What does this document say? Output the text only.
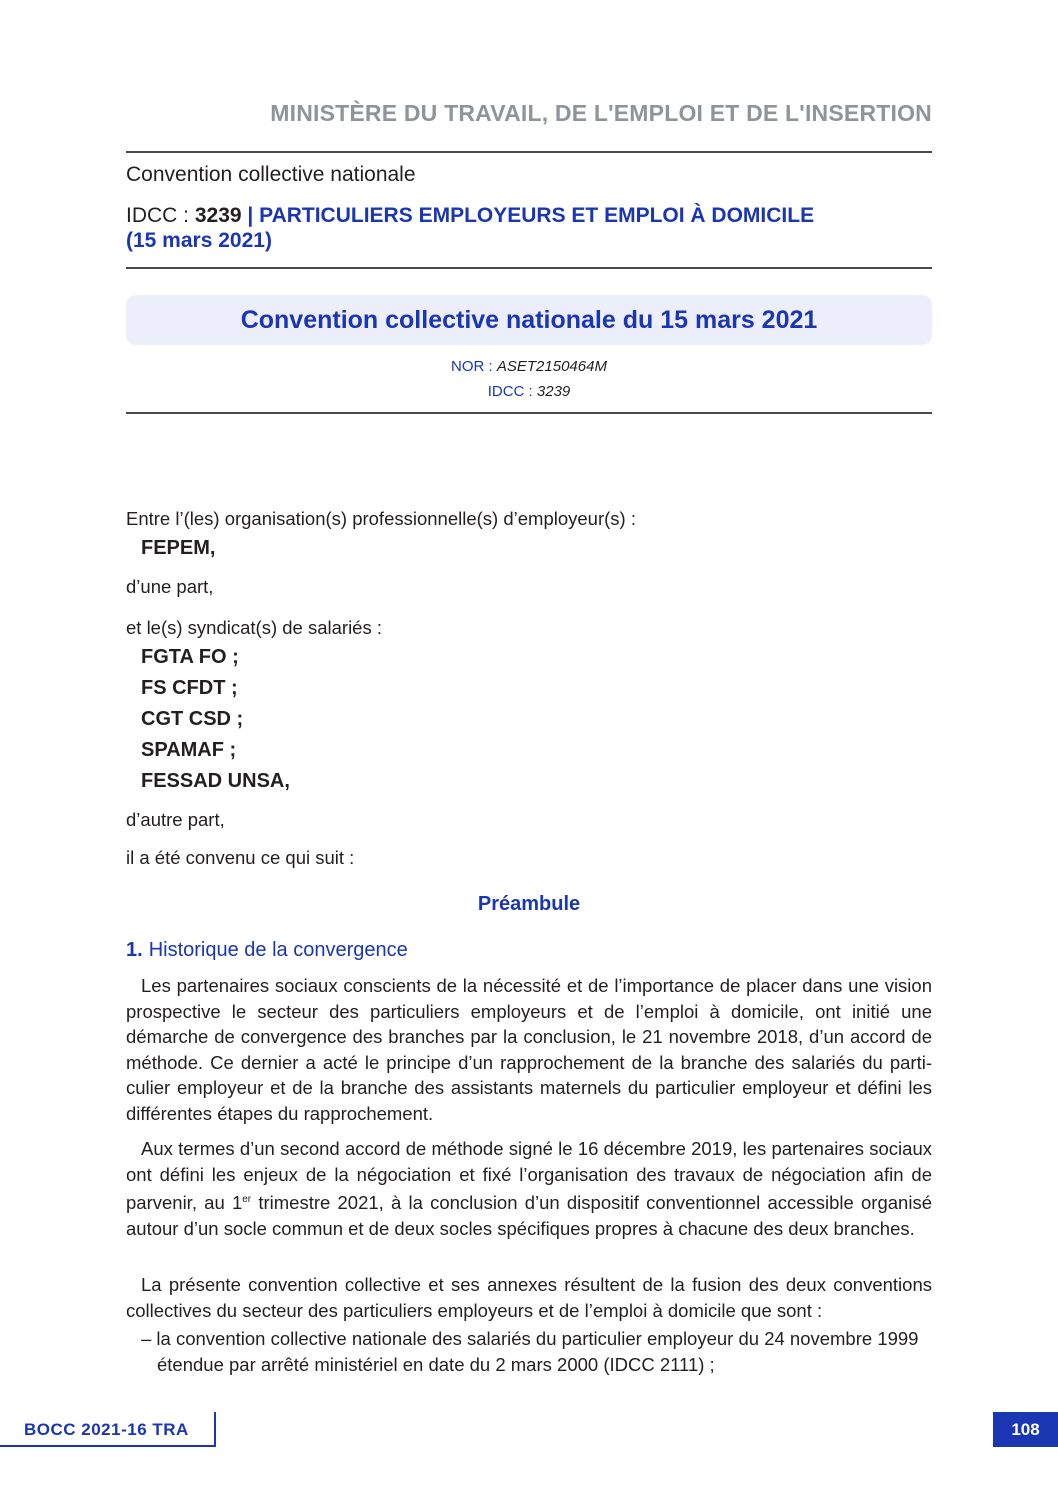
MINISTÈRE DU TRAVAIL, DE L'EMPLOI ET DE L'INSERTION
Convention collective nationale
IDCC : 3239 | PARTICULIERS EMPLOYEURS ET EMPLOI À DOMICILE
(15 mars 2021)
Convention collective nationale du 15 mars 2021
NOR : ASET2150464M
IDCC : 3239
Entre l’(les) organisation(s) professionnelle(s) d’employeur(s) :
FEPEM,
d’une part,
et le(s) syndicat(s) de salariés :
FGTA FO ;
FS CFDT ;
CGT CSD ;
SPAMAF ;
FESSAD UNSA,
d’autre part,
il a été convenu ce qui suit :
Préambule
1. Historique de la convergence

Les partenaires sociaux conscients de la nécessité et de l’importance de placer dans une vision prospective le secteur des particuliers employeurs et de l’emploi à domicile, ont initié une démarche de convergence des branches par la conclusion, le 21 novembre 2018, d’un accord de méthode. Ce dernier a acté le principe d’un rapprochement de la branche des salariés du parti-culier employeur et de la branche des assistants maternels du particulier employeur et défini les différentes étapes du rapprochement.

Aux termes d’un second accord de méthode signé le 16 décembre 2019, les partenaires sociaux ont défini les enjeux de la négociation et fixé l’organisation des travaux de négociation afin de parvenir, au 1er trimestre 2021, à la conclusion d’un dispositif conventionnel accessible organisé autour d’un socle commun et de deux socles spécifiques propres à chacune des deux branches.

La présente convention collective et ses annexes résultent de la fusion des deux conventions collectives du secteur des particuliers employeurs et de l’emploi à domicile que sont :

– la convention collective nationale des salariés du particulier employeur du 24 novembre 1999 étendue par arrêté ministériel en date du 2 mars 2000 (IDCC 2111) ;

BOCC 2021-16 TRA	108
